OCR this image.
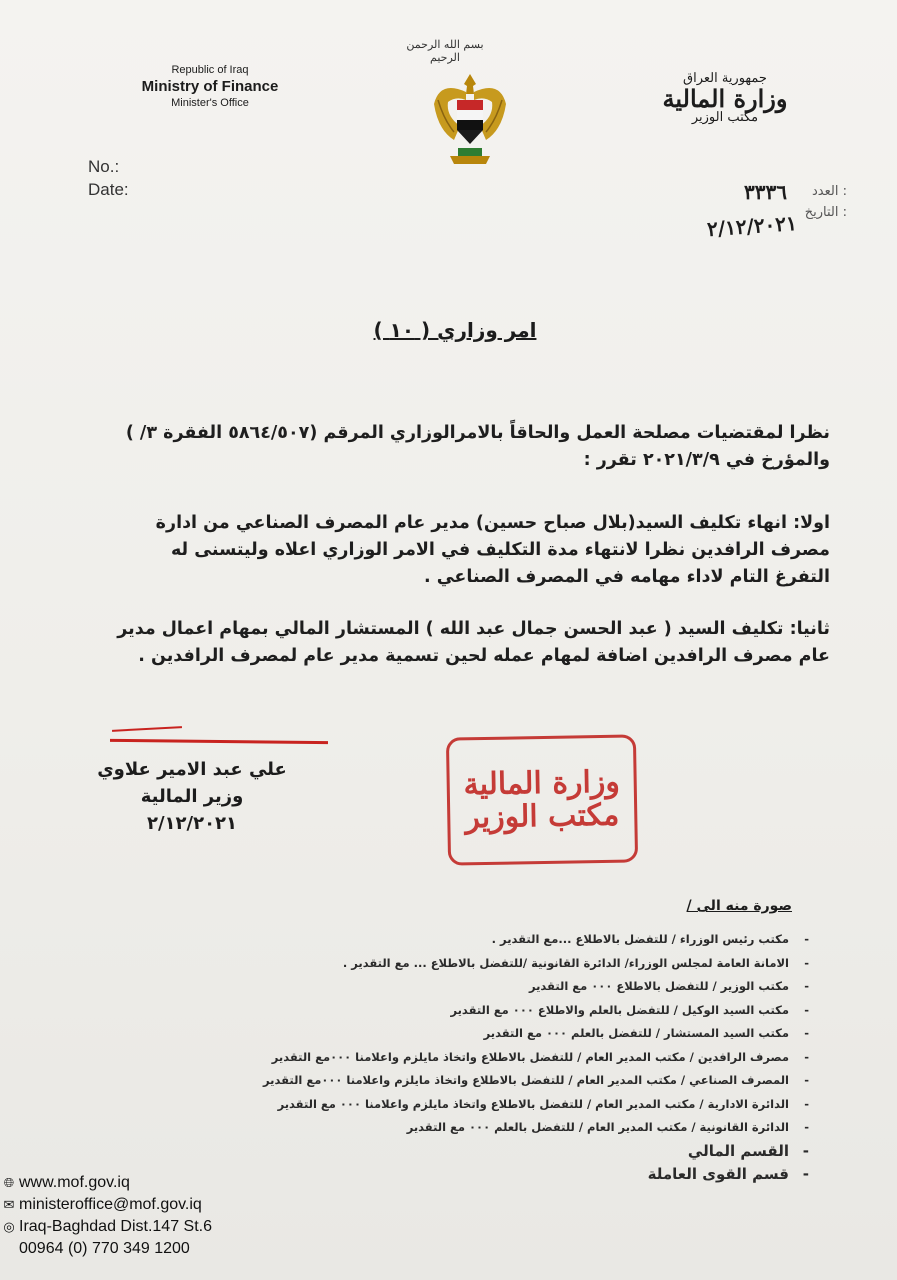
بسم الله الرحمن الرحيم
Republic of Iraq
Ministry of Finance
Minister's Office
جمهورية العراق
وزارة المالية
مكتب الوزير
No.:
Date:	العدد :
التاريخ :
٣٣٣٦
٢/١٢/٢٠٢١
امر وزاري ( ١٠ )
نظرا لمقتضيات مصلحة العمل والحاقاً بالامرالوزاري المرقم (٥٨٦٤/٥٠٧ الفقرة ٣/ ) والمؤرخ في ٢٠٢١/٣/٩ تقرر :
اولا: انهاء تكليف السيد(بلال صباح حسين) مدير عام المصرف الصناعي من ادارة مصرف الرافدين نظرا لانتهاء مدة التكليف في الامر الوزاري اعلاه وليتسنى له التفرغ التام لاداء مهامه في المصرف الصناعي .
ثانيا: تكليف السيد ( عبد الحسن جمال عبد الله ) المستشار المالي بمهام اعمال مدير عام مصرف الرافدين اضافة لمهام عمله لحين تسمية مدير عام لمصرف الرافدين .
علي عبد الامير علاوي
وزير المالية
٢/١٢/٢٠٢١
وزارة المالية
مكتب الوزير
صورة منه الى /
- مكتب رئيس الوزراء / للتفضل بالاطلاع ...مع التقدير .
- الامانة العامة لمجلس الوزراء/ الدائرة القانونية /للتفضل بالاطلاع ... مع التقدير .
- مكتب الوزير / للتفضل بالاطلاع ٠٠٠ مع التقدير
- مكتب السيد الوكيل / للتفضل بالعلم والاطلاع ٠٠٠ مع التقدير
- مكتب السيد المستشار / للتفضل بالعلم ٠٠٠ مع التقدير
- مصرف الرافدين / مكتب المدير العام / للتفضل بالاطلاع واتخاذ مايلزم واعلامنا ٠٠٠مع التقدير
- المصرف الصناعي / مكتب المدير العام / للتفضل بالاطلاع واتخاذ مايلزم واعلامنا ٠٠٠مع التقدير
- الدائرة الادارية / مكتب المدير العام / للتفضل بالاطلاع واتخاذ مايلزم واعلامنا ٠٠٠ مع التقدير
- الدائرة القانونية / مكتب المدير العام / للتفضل بالعلم ٠٠٠ مع التقدير
- القسم المالي
- قسم القوى العاملة
🌐︎ www.mof.gov.iq
✉ ministeroffice@mof.gov.iq
◎ Iraq-Baghdad Dist.147 St.6
00964 (0) 770 349 1200
